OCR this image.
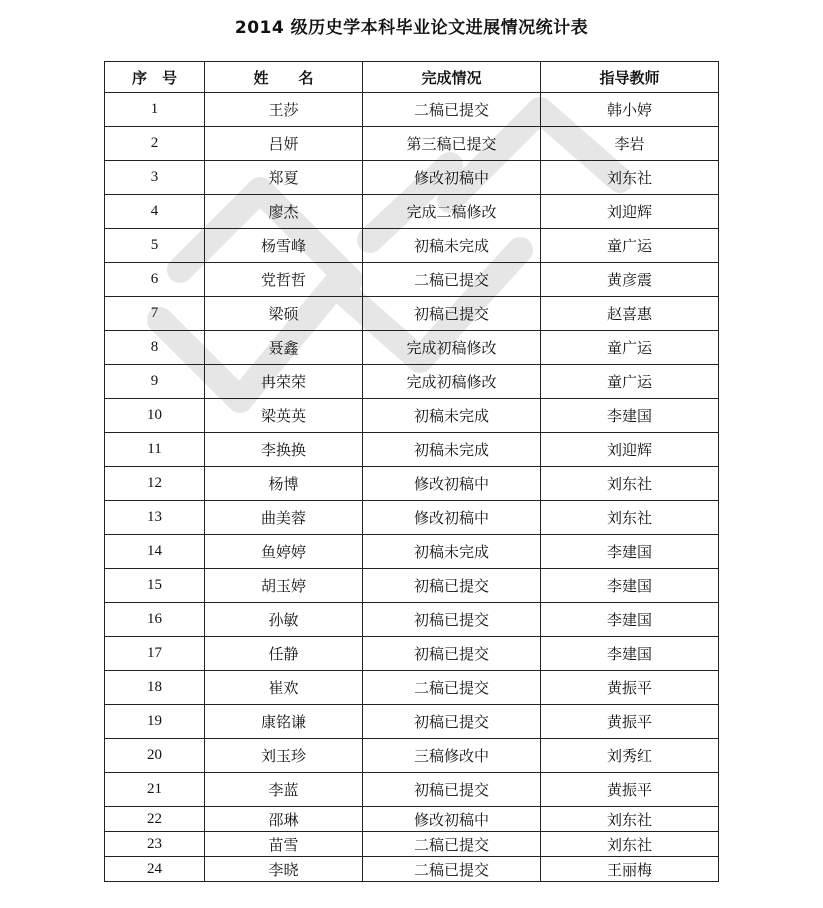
2014 级历史学本科毕业论文进展情况统计表
序　号	姓　　名	完成情况	指导教师
1	王莎	二稿已提交	韩小婷
2	吕妍	第三稿已提交	李岩
3	郑夏	修改初稿中	刘东社
4	廖杰	完成二稿修改	刘迎辉
5	杨雪峰	初稿未完成	童广运
6	党哲哲	二稿已提交	黄彦震
7	梁硕	初稿已提交	赵喜惠
8	聂鑫	完成初稿修改	童广运
9	冉荣荣	完成初稿修改	童广运
10	梁英英	初稿未完成	李建国
11	李换换	初稿未完成	刘迎辉
12	杨博	修改初稿中	刘东社
13	曲美蓉	修改初稿中	刘东社
14	鱼婷婷	初稿未完成	李建国
15	胡玉婷	初稿已提交	李建国
16	孙敏	初稿已提交	李建国
17	任静	初稿已提交	李建国
18	崔欢	二稿已提交	黄振平
19	康铭谦	初稿已提交	黄振平
20	刘玉珍	三稿修改中	刘秀红
21	李蓝	初稿已提交	黄振平
22	邵琳	修改初稿中	刘东社
23	苗雪	二稿已提交	刘东社
24	李晓	二稿已提交	王丽梅
